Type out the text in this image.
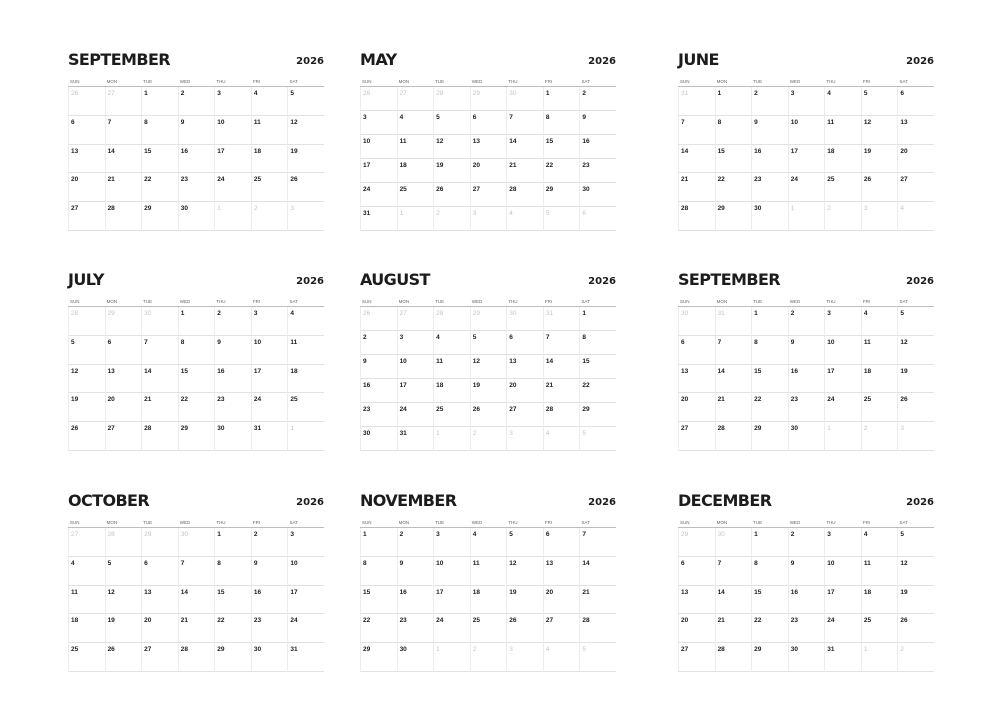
SEPTEMBER	2026
SUN	MON	TUE	WED	THU	FRI	SAT
26	27	1	2	3	4	5
6	7	8	9	10	11	12
13	14	15	16	17	18	19
20	21	22	23	24	25	26
27	28	29	30	1	2	3
MAY	2026
SUN	MON	TUE	WED	THU	FRI	SAT
26	27	28	29	30	1	2
3	4	5	6	7	8	9
10	11	12	13	14	15	16
17	18	19	20	21	22	23
24	25	26	27	28	29	30
31	1	2	3	4	5	6
JUNE	2026
SUN	MON	TUE	WED	THU	FRI	SAT
31	1	2	3	4	5	6
7	8	9	10	11	12	13
14	15	16	17	18	19	20
21	22	23	24	25	26	27
28	29	30	1	2	3	4
JULY	2026
SUN	MON	TUE	WED	THU	FRI	SAT
28	29	30	1	2	3	4
5	6	7	8	9	10	11
12	13	14	15	16	17	18
19	20	21	22	23	24	25
26	27	28	29	30	31	1
AUGUST	2026
SUN	MON	TUE	WED	THU	FRI	SAT
26	27	28	29	30	31	1
2	3	4	5	6	7	8
9	10	11	12	13	14	15
16	17	18	19	20	21	22
23	24	25	26	27	28	29
30	31	1	2	3	4	5
SEPTEMBER	2026
SUN	MON	TUE	WED	THU	FRI	SAT
30	31	1	2	3	4	5
6	7	8	9	10	11	12
13	14	15	16	17	18	19
20	21	22	23	24	25	26
27	28	29	30	1	2	3
OCTOBER	2026
SUN	MON	TUE	WED	THU	FRI	SAT
27	28	29	30	1	2	3
4	5	6	7	8	9	10
11	12	13	14	15	16	17
18	19	20	21	22	23	24
25	26	27	28	29	30	31
NOVEMBER	2026
SUN	MON	TUE	WED	THU	FRI	SAT
1	2	3	4	5	6	7
8	9	10	11	12	13	14
15	16	17	18	19	20	21
22	23	24	25	26	27	28
29	30	1	2	3	4	5
DECEMBER	2026
SUN	MON	TUE	WED	THU	FRI	SAT
29	30	1	2	3	4	5
6	7	8	9	10	11	12
13	14	15	16	17	18	19
20	21	22	23	24	25	26
27	28	29	30	31	1	2
